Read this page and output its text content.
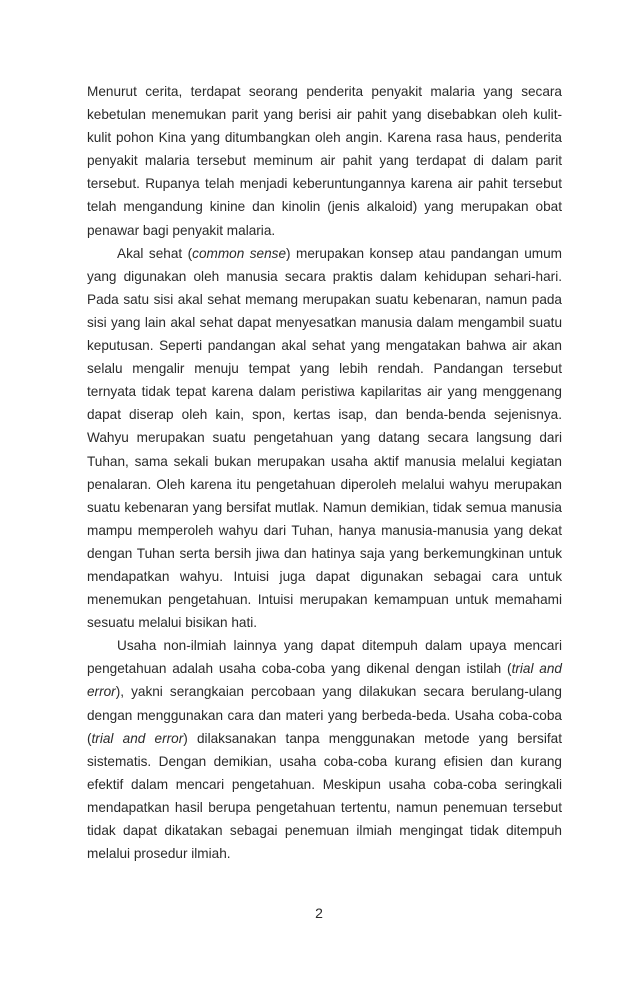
Menurut cerita, terdapat seorang penderita penyakit malaria yang secara kebetulan menemukan parit yang berisi air pahit yang disebabkan oleh kulit-kulit pohon Kina yang ditumbangkan oleh angin. Karena rasa haus, penderita penyakit malaria tersebut meminum air pahit yang terdapat di dalam parit tersebut. Rupanya telah menjadi keberuntungannya karena air pahit tersebut telah mengandung kinine dan kinolin (jenis alkaloid) yang merupakan obat penawar bagi penyakit malaria.

Akal sehat (common sense) merupakan konsep atau pandangan umum yang digunakan oleh manusia secara praktis dalam kehidupan sehari-hari. Pada satu sisi akal sehat memang merupakan suatu kebenaran, namun pada sisi yang lain akal sehat dapat menyesatkan manusia dalam mengambil suatu keputusan. Seperti pandangan akal sehat yang mengatakan bahwa air akan selalu mengalir menuju tempat yang lebih rendah. Pandangan tersebut ternyata tidak tepat karena dalam peristiwa kapilaritas air yang menggenang dapat diserap oleh kain, spon, kertas isap, dan benda-benda sejenisnya. Wahyu merupakan suatu pengetahuan yang datang secara langsung dari Tuhan, sama sekali bukan merupakan usaha aktif manusia melalui kegiatan penalaran. Oleh karena itu pengetahuan diperoleh melalui wahyu merupakan suatu kebenaran yang bersifat mutlak. Namun demikian, tidak semua manusia mampu memperoleh wahyu dari Tuhan, hanya manusia-manusia yang dekat dengan Tuhan serta bersih jiwa dan hatinya saja yang berkemungkinan untuk mendapatkan wahyu. Intuisi juga dapat digunakan sebagai cara untuk menemukan pengetahuan. Intuisi merupakan kemampuan untuk memahami sesuatu melalui bisikan hati.

Usaha non-ilmiah lainnya yang dapat ditempuh dalam upaya mencari pengetahuan adalah usaha coba-coba yang dikenal dengan istilah (trial and error), yakni serangkaian percobaan yang dilakukan secara berulang-ulang dengan menggunakan cara dan materi yang berbeda-beda. Usaha coba-coba (trial and error) dilaksanakan tanpa menggunakan metode yang bersifat sistematis. Dengan demikian, usaha coba-coba kurang efisien dan kurang efektif dalam mencari pengetahuan. Meskipun usaha coba-coba seringkali mendapatkan hasil berupa pengetahuan tertentu, namun penemuan tersebut tidak dapat dikatakan sebagai penemuan ilmiah mengingat tidak ditempuh melalui prosedur ilmiah.

2
